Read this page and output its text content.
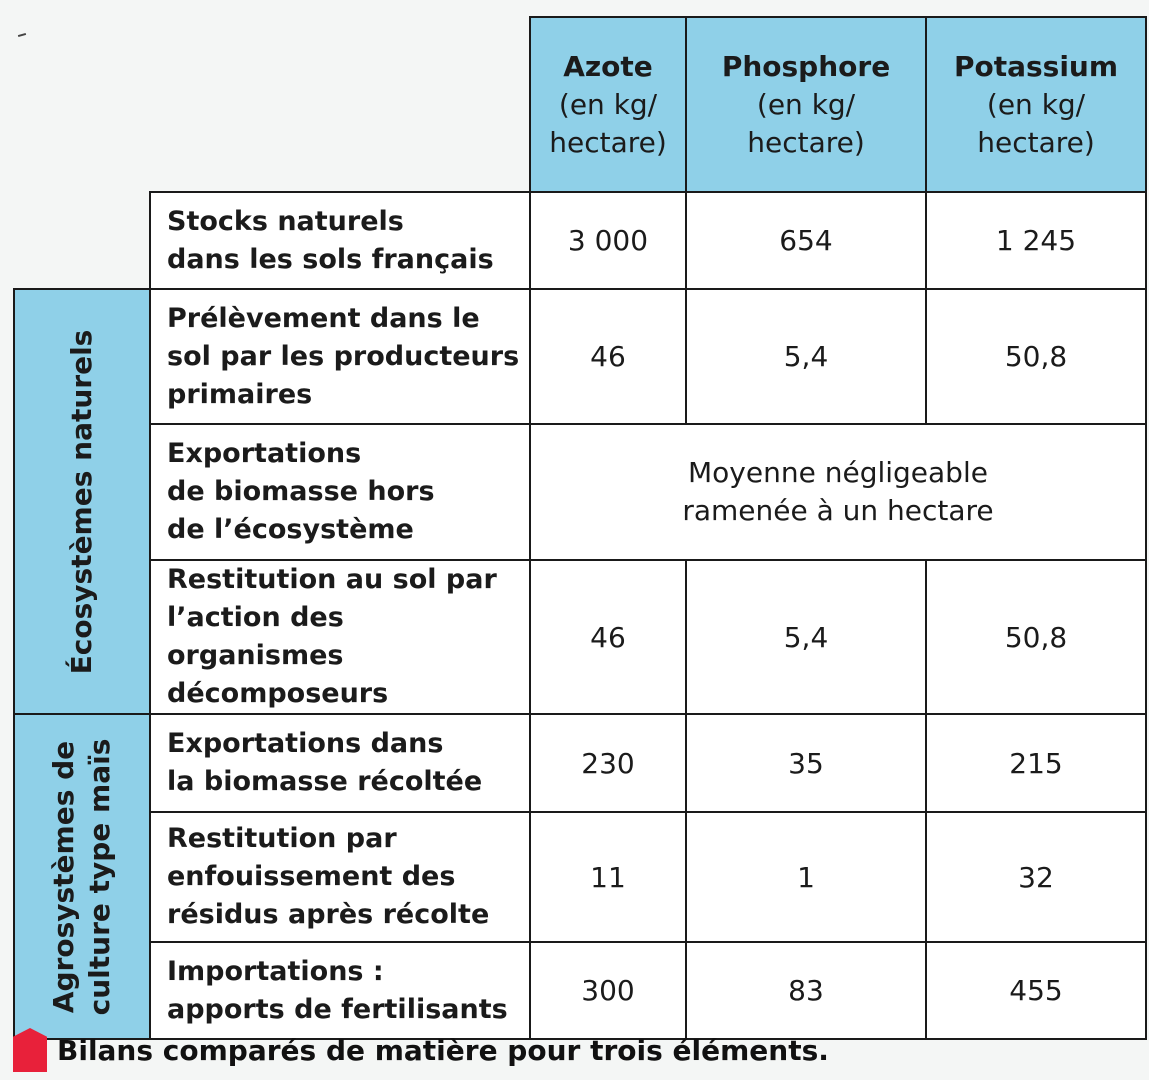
		Azote
(en kg/
hectare)	Phosphore
(en kg/
hectare)	Potassium
(en kg/
hectare)

	Stocks naturels
dans les sols français	3 000	654	1 245

Écosystèmes naturels	Prélèvement dans le
sol par les producteurs
primaires	46	5,4	50,8

	Exportations
de biomasse hors
de l’écosystème	Moyenne négligeable
ramenée à un hectare		

	Restitution au sol par
l’action des organismes
décomposeurs	46	5,4	50,8

Agrosystèmes de culture type maïs	Exportations dans
la biomasse récoltée	230	35	215

	Restitution par
enfouissement des
résidus après récolte	11	1	32

	Importations :
apports de fertilisants	300	83	455
Bilans comparés de matière pour trois éléments.
